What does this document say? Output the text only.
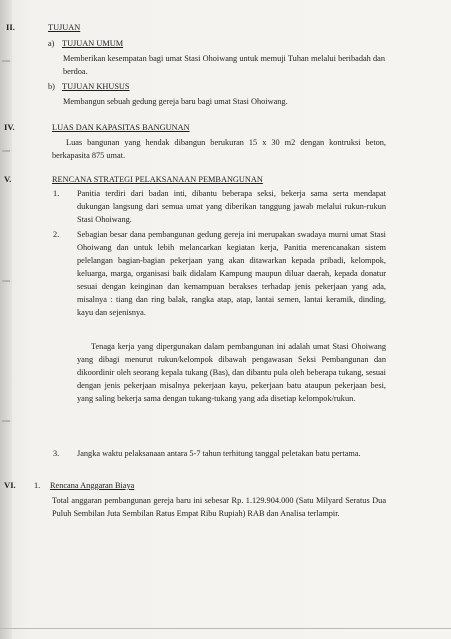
II.	TUJUAN
a) TUJUAN UMUM
Memberikan kesempatan bagi umat Stasi Ohoiwang untuk memuji Tuhan melalui beribadah dan berdoa.
b) TUJUAN KHUSUS
Membangun sebuah gedung gereja baru bagi umat Stasi Ohoiwang.
IV.	LUAS DAN KAPASITAS BANGUNAN
Luas bangunan yang hendak dibangun berukuran 15 x 30 m2 dengan kontruksi beton, berkapasita 875 umat.
V.	RENCANA STRATEGI PELAKSANAAN PEMBANGUNAN
1. Panitia terdiri dari badan inti, dibantu beberapa seksi, bekerja sama serta mendapat dukungan langsung dari semua umat yang diberikan tanggung jawab melalui rukun-rukun Stasi Ohoiwang.
2. Sebagian besar dana pembangunan gedung gereja ini merupakan swadaya murni umat Stasi Ohoiwang dan untuk lebih melancarkan kegiatan kerja, Panitia merencanakan sistem pelelangan bagian-bagian pekerjaan yang akan ditawarkan kepada pribadi, kelompok, keluarga, marga, organisasi baik didalam Kampung maupun diluar daerah, kepada donatur sesuai dengan keinginan dan kemampuan berakses terhadap jenis pekerjaan yang ada, misalnya : tiang dan ring balak, rangka atap, atap, lantai semen, lantai keramik, dinding, kayu dan sejenisnya.
Tenaga kerja yang dipergunakan dalam pembangunan ini adalah umat Stasi Ohoiwang yang dibagi menurut rukun/kelompok dibawah pengawasan Seksi Pembangunan dan dikoordinir oleh seorang kepala tukang (Bas), dan dibantu pula oleh beberapa tukang, sesuai dengan jenis pekerjaan misalnya pekerjaan kayu, pekerjaan batu ataupun pekerjaan besi, yang saling bekerja sama dengan tukang-tukang yang ada disetiap kelompok/rukun.
3. Jangka waktu pelaksanaan antara 5-7 tahun terhitung tanggal peletakan batu pertama.
VI. 1. Rencana Anggaran Biaya
Total anggaran pembangunan gereja baru ini sebesar Rp. 1.129.904.000 (Satu Milyard Seratus Dua Puluh Sembilan Juta Sembilan Ratus Empat Ribu Rupiah) RAB dan Analisa terlampir.
